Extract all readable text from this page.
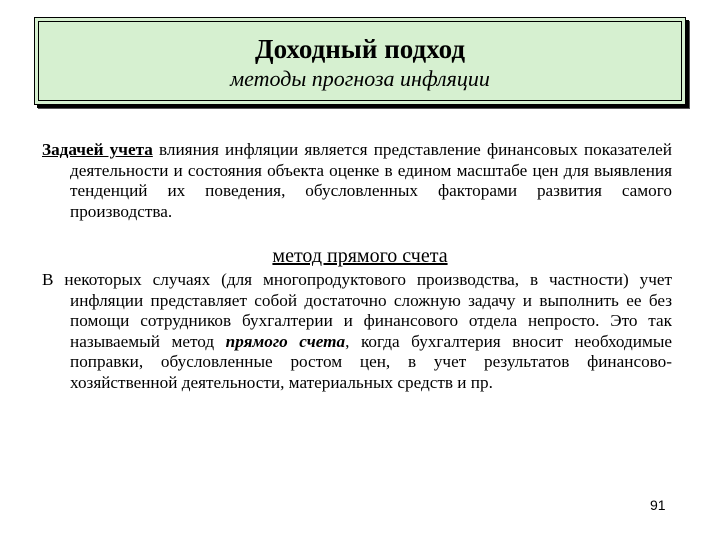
Доходный подход
методы прогноза инфляции

Задачей учета влияния инфляции является представление финансовых показателей деятельности и состояния объекта оценке в едином масштабе цен для выявления тенденций их поведения, обусловленных факторами развития самого производства.

метод прямого счета

В некоторых случаях (для многопродуктового производства, в частности) учет инфляции представляет собой достаточно сложную задачу и выполнить ее без помощи сотрудников бухгалтерии и финансового отдела непросто. Это так называемый метод прямого счета, когда бухгалтерия вносит необходимые поправки, обусловленные ростом цен, в учет результатов финансово-хозяйственной деятельности, материальных средств и пр.

91
